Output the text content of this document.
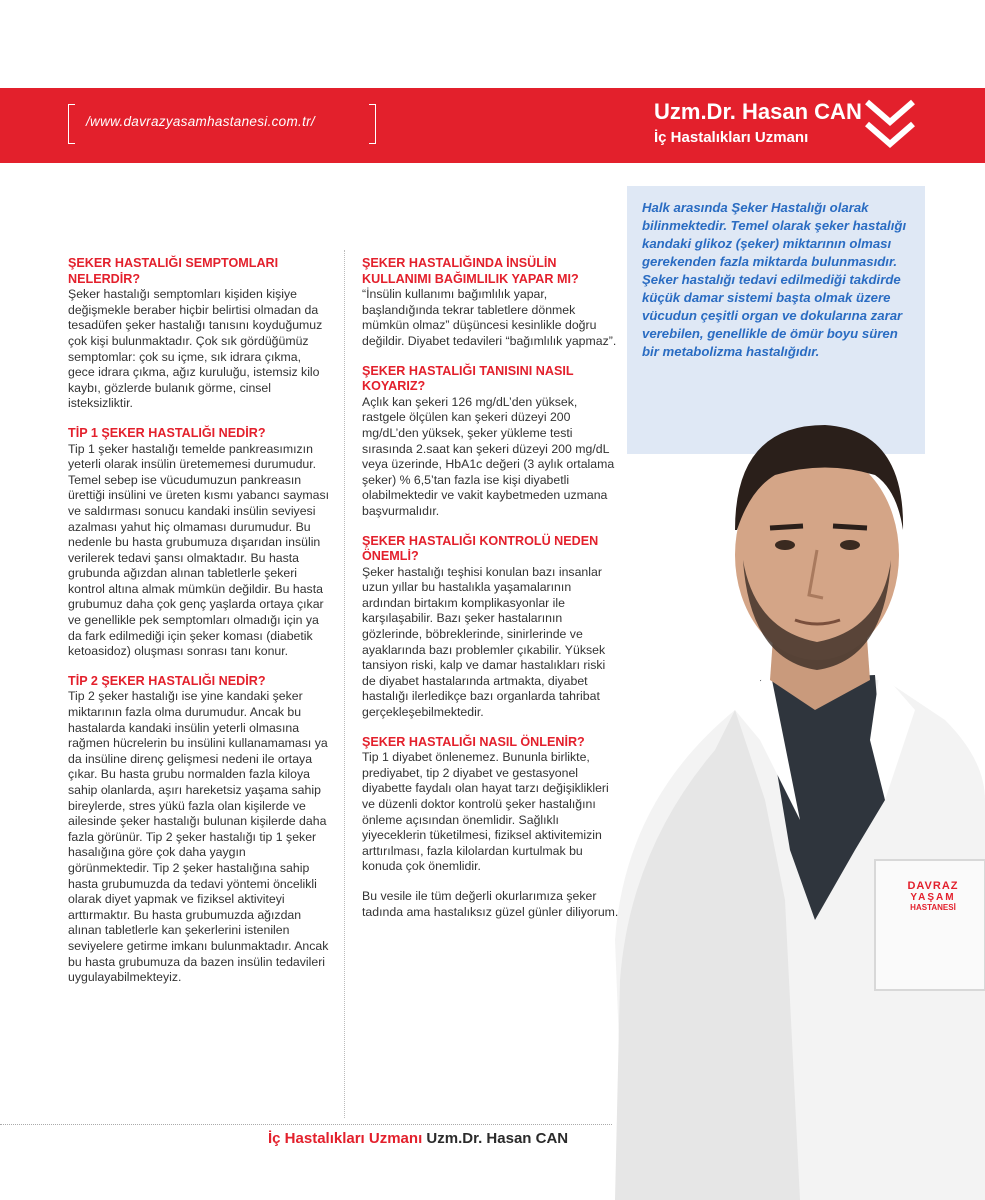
/www.davrazyasamhastanesi.com.tr/	Uzm.Dr. Hasan CAN
İç Hastalıkları Uzmanı
Halk arasında Şeker Hastalığı olarak bilinmektedir. Temel olarak şeker hastalığı kandaki glikoz (şeker) miktarının olması gerekenden fazla miktarda bulunmasıdır. Şeker hastalığı tedavi edilmediği takdirde küçük damar sistemi başta olmak üzere vücudun çeşitli organ ve dokularına zarar verebilen, genellikle de ömür boyu süren bir metabolizma hastalığıdır.
DAVRAZ
YAŞAM
HASTANESİ
ŞEKER HASTALIĞI SEMPTOMLARI NELERDİR?

Şeker hastalığı semptomları kişiden kişiye değişmekle beraber hiçbir belirtisi olmadan da tesadüfen şeker hastalığı tanısını koyduğumuz çok kişi bulunmaktadır. Çok sık gördüğümüz semptomlar: çok su içme, sık idrara çıkma, gece idrara çıkma, ağız kuruluğu, istemsiz kilo kaybı, gözlerde bulanık görme, cinsel isteksizliktir.

TİP 1 ŞEKER HASTALIĞI NEDİR?

Tip 1 şeker hastalığı temelde pankreasımızın yeterli olarak insülin üretememesi durumudur. Temel sebep ise vücudumuzun pankreasın ürettiği insülini ve üreten kısmı yabancı sayması ve saldırması sonucu kandaki insülin seviyesi azalması yahut hiç olmaması durumudur. Bu nedenle bu hasta grubumuza dışarıdan insülin verilerek tedavi şansı olmaktadır. Bu hasta grubunda ağızdan alınan tabletlerle şekeri kontrol altına almak mümkün değildir. Bu hasta grubumuz daha çok genç yaşlarda ortaya çıkar ve genellikle pek semptomları olmadığı için ya da fark edilmediği için şeker koması (diabetik ketoasidoz) oluşması sonrası tanı konur.

TİP 2 ŞEKER HASTALIĞI NEDİR?

Tip 2 şeker hastalığı ise yine kandaki şeker miktarının fazla olma durumudur. Ancak bu hastalarda kandaki insülin yeterli olmasına rağmen hücrelerin bu insülini kullanamaması ya da insüline direnç gelişmesi nedeni ile ortaya çıkar. Bu hasta grubu normalden fazla kiloya sahip olanlarda, aşırı hareketsiz yaşama sahip bireylerde, stres yükü fazla olan kişilerde ve ailesinde şeker hastalığı bulunan kişilerde daha fazla görünür. Tip 2 şeker hastalığı tip 1 şeker hasalığına göre çok daha yaygın görünmektedir. Tip 2 şeker hastalığına sahip hasta grubumuzda da tedavi yöntemi öncelikli olarak diyet yapmak ve fiziksel aktiviteyi arttırmaktır. Bu hasta grubumuzda ağızdan alınan tabletlerle kan şekerlerini istenilen seviyelere getirme imkanı bulunmaktadır. Ancak bu hasta grubumuza da bazen insülin tedavileri uygulayabilmekteyiz.

ŞEKER HASTALIĞINDA İNSÜLİN KULLANIMI BAĞIMLILIK YAPAR MI?

“İnsülin kullanımı bağımlılık yapar, başlandığında tekrar tabletlere dönmek mümkün olmaz” düşüncesi kesinlikle doğru değildir. Diyabet tedavileri “bağımlılık yapmaz”.

ŞEKER HASTALIĞI TANISINI NASIL KOYARIZ?

Açlık kan şekeri 126 mg/dL’den yüksek, rastgele ölçülen kan şekeri düzeyi 200 mg/dL’den yüksek, şeker yükleme testi sırasında 2.saat kan şekeri düzeyi 200 mg/dL veya üzerinde, HbA1c değeri (3 aylık ortalama şeker) % 6,5’tan fazla ise kişi diyabetli olabilmektedir ve vakit kaybetmeden uzmana başvurmalıdır.

ŞEKER HASTALIĞI KONTROLÜ NEDEN ÖNEMLİ?

Şeker hastalığı teşhisi konulan bazı insanlar uzun yıllar bu hastalıkla yaşamalarının ardından birtakım komplikasyonlar ile karşılaşabilir. Bazı şeker hastalarının gözlerinde, böbreklerinde, sinirlerinde ve ayaklarında bazı problemler çıkabilir. Yüksek tansiyon riski, kalp ve damar hastalıkları riski de diyabet hastalarında artmakta, diyabet hastalığı ilerledikçe bazı organlarda tahribat gerçekleşebilmektedir.

ŞEKER HASTALIĞI NASIL ÖNLENİR?

Tip 1 diyabet önlenemez. Bununla birlikte, prediyabet, tip 2 diyabet ve gestasyonel diyabette faydalı olan hayat tarzı değişiklikleri ve düzenli doktor kontrolü şeker hastalığını önleme açısından önemlidir. Sağlıklı yiyeceklerin tüketilmesi, fiziksel aktivitemizin arttırılması, fazla kilolardan kurtulmak bu konuda çok önemlidir.

Bu vesile ile tüm değerli okurlarımıza şeker tadında ama hastalıksız güzel günler diliyorum.

İç Hastalıkları Uzmanı Uzm.Dr. Hasan CAN
